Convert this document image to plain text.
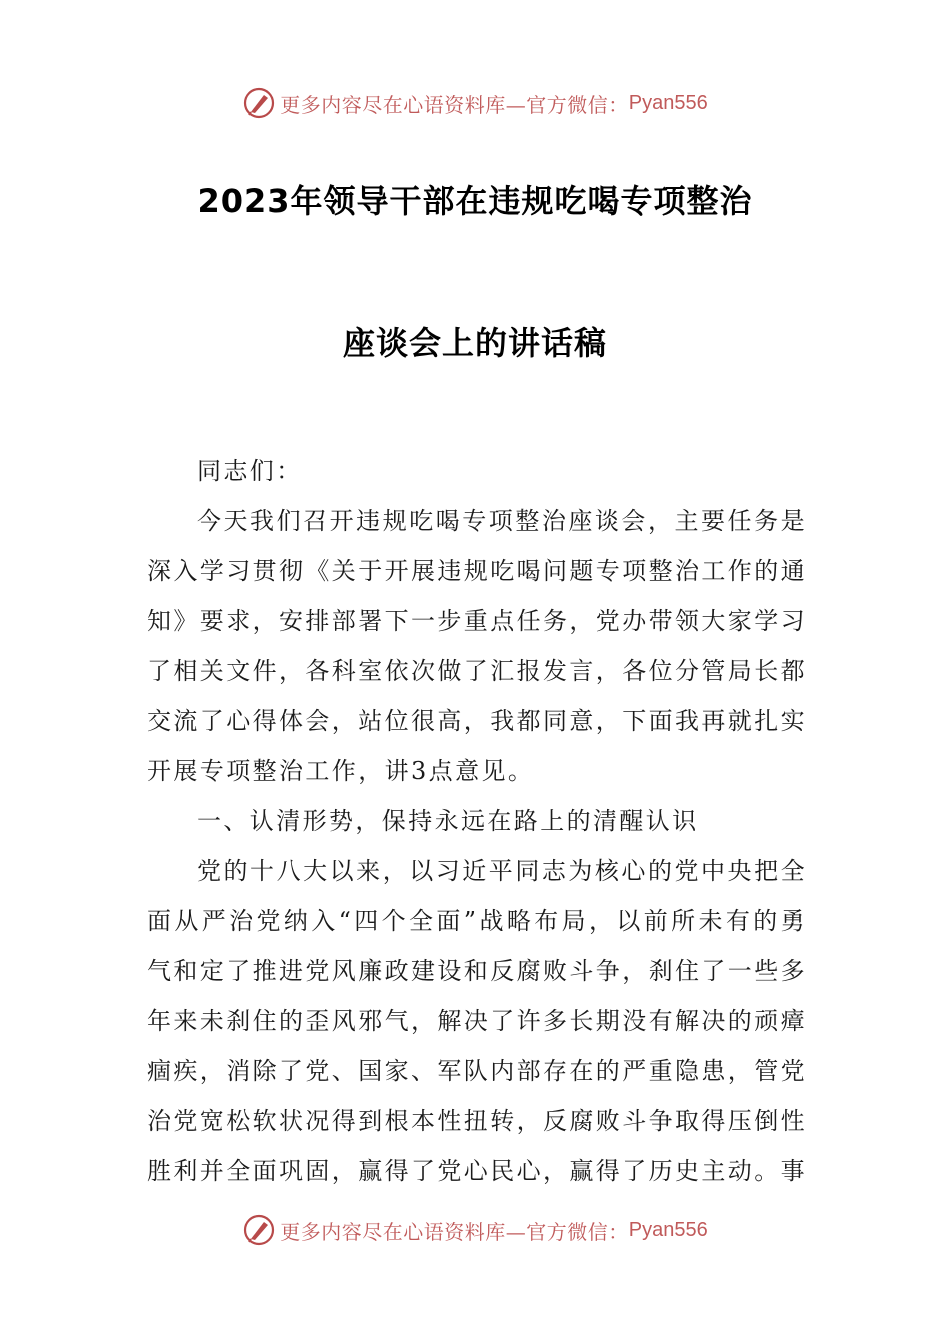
更多内容尽在心语资料库—官方微信： Pyan556
2023年领导干部在违规吃喝专项整治
座谈会上的讲话稿

同志们：

今天我们召开违规吃喝专项整治座谈会，主要任务是深入学习贯彻《关于开展违规吃喝问题专项整治工作的通知》要求，安排部署下一步重点任务，党办带领大家学习了相关文件，各科室依次做了汇报发言，各位分管局长都交流了心得体会，站位很高，我都同意，下面我再就扎实开展专项整治工作，讲3点意见。

一、认清形势，保持永远在路上的清醒认识

党的十八大以来，以习近平同志为核心的党中央把全面从严治党纳入“四个全面”战略布局，以前所未有的勇气和定了推进党风廉政建设和反腐败斗争，刹住了一些多年来未刹住的歪风邪气，解决了许多长期没有解决的顽瘴痼疾，消除了党、国家、军队内部存在的严重隐患，管党治党宽松软状况得到根本性扭转，反腐败斗争取得压倒性胜利并全面巩固，赢得了党心民心，赢得了历史主动。事

更多内容尽在心语资料库—官方微信： Pyan556
